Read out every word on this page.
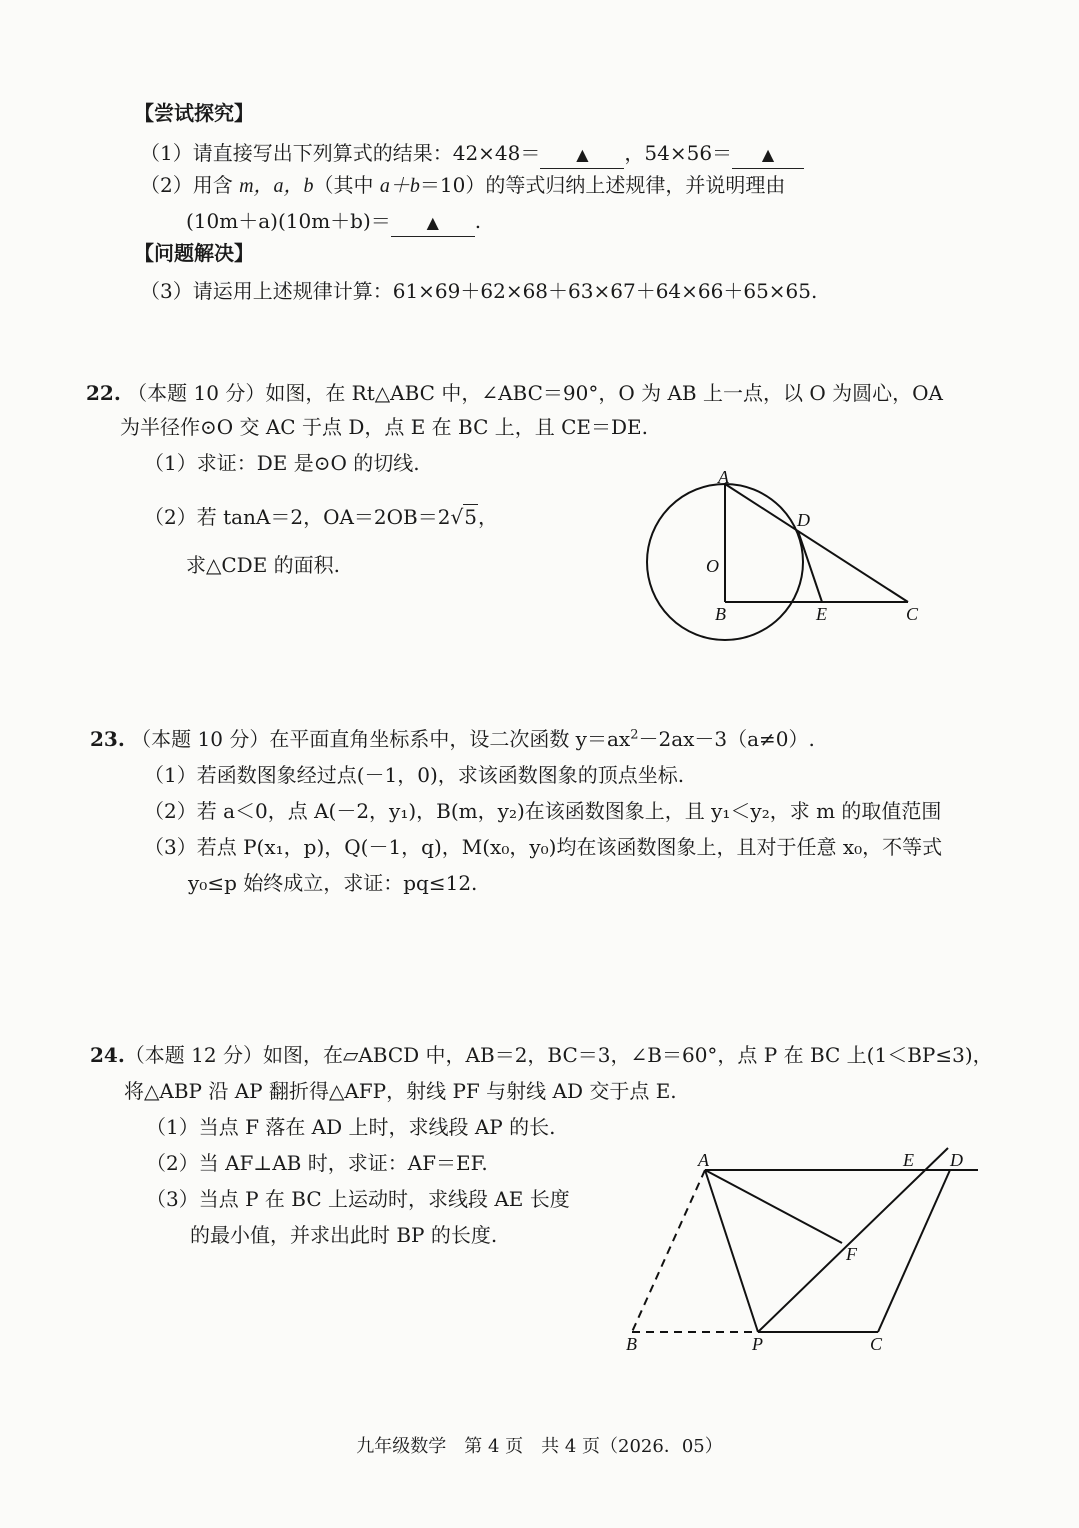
【尝试探究】
（1）请直接写出下列算式的结果：42×48＝ ▲ ，54×56＝ ▲
（2）用含 m，a，b（其中 a＋b＝10）的等式归纳上述规律，并说明理由
(10m＋a)(10m＋b)＝ ▲ .
【问题解决】
（3）请运用上述规律计算：61×69＋62×68＋63×67＋64×66＋65×65.
22. （本题 10 分）如图，在 Rt△ABC 中，∠ABC＝90°，O 为 AB 上一点，以 O 为圆心，OA
为半径作⊙O 交 AC 于点 D，点 E 在 BC 上，且 CE＝DE.
（1）求证：DE 是⊙O 的切线.
（2）若 tanA＝2，OA＝2OB＝2√5，
求△CDE 的面积.
A
D
O
B	E	C
23. （本题 10 分）在平面直角坐标系中，设二次函数 $y=ax^2-2ax-3(a\ne 0)$.
（1）若函数图象经过点(－1，0)，求该函数图象的顶点坐标.
（2）若 a＜0，点 A(－2，y₁)，B(m，y₂)在该函数图象上，且 y₁＜y₂，求 m 的取值范围
（3）若点 P(x₁，p)，Q(－1，q)，M(x₀，y₀)均在该函数图象上，且对于任意 x₀，不等式
y₀≤p 始终成立，求证：pq≤12.
24.（本题 12 分）如图，在▱ABCD 中，AB＝2，BC＝3，∠B＝60°，点 P 在 BC 上(1＜BP≤3)，
将△ABP 沿 AP 翻折得△AFP，射线 PF 与射线 AD 交于点 E.
（1）当点 F 落在 AD 上时，求线段 AP 的长.
（2）当 AF⊥AB 时，求证：AF＝EF.
（3）当点 P 在 BC 上运动时，求线段 AE 长度
的最小值，并求出此时 BP 的长度.
A	E D
F
B	P	C
九年级数学　第 4 页　共 4 页（2026．05）
